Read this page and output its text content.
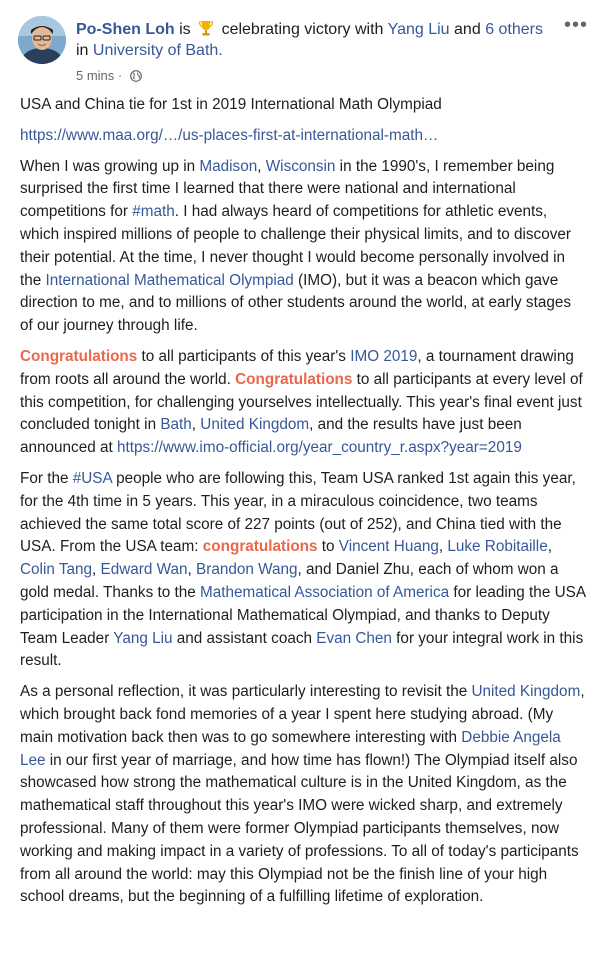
Po-Shen Loh is celebrating victory with Yang Liu and 6 others
in University of Bath.
•••
5 mins ·

USA and China tie for 1st in 2019 International Math Olympiad

https://www.maa.org/…/us-places-first-at-international-math…

When I was growing up in Madison, Wisconsin in the 1990's, I remember being surprised the first time I learned that there were national and international competitions for #math. I had always heard of competitions for athletic events, which inspired millions of people to challenge their physical limits, and to discover their potential. At the time, I never thought I would become personally involved in the International Mathematical Olympiad (IMO), but it was a beacon which gave direction to me, and to millions of other students around the world, at early stages of our journey through life.

Congratulations to all participants of this year's IMO 2019, a tournament drawing from roots all around the world. Congratulations to all participants at every level of this competition, for challenging yourselves intellectually. This year's final event just concluded tonight in Bath, United Kingdom, and the results have just been announced at https://www.imo-official.org/year_country_r.aspx?year=2019

For the #USA people who are following this, Team USA ranked 1st again this year, for the 4th time in 5 years. This year, in a miraculous coincidence, two teams achieved the same total score of 227 points (out of 252), and China tied with the USA. From the USA team: congratulations to Vincent Huang, Luke Robitaille, Colin Tang, Edward Wan, Brandon Wang, and Daniel Zhu, each of whom won a gold medal. Thanks to the Mathematical Association of America for leading the USA participation in the International Mathematical Olympiad, and thanks to Deputy Team Leader Yang Liu and assistant coach Evan Chen for your integral work in this result.

As a personal reflection, it was particularly interesting to revisit the United Kingdom, which brought back fond memories of a year I spent here studying abroad. (My main motivation back then was to go somewhere interesting with Debbie Angela Lee in our first year of marriage, and how time has flown!) The Olympiad itself also showcased how strong the mathematical culture is in the United Kingdom, as the mathematical staff throughout this year's IMO were wicked sharp, and extremely professional. Many of them were former Olympiad participants themselves, now working and making impact in a variety of professions. To all of today's participants from all around the world: may this Olympiad not be the finish line of your high school dreams, but the beginning of a fulfilling lifetime of exploration.
